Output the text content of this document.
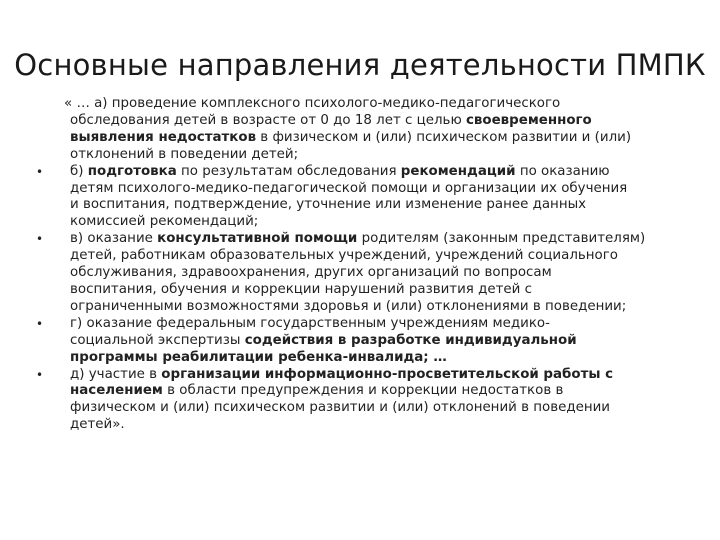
Основные направления деятельности ПМПК

« … а) проведение комплексного психолого-медико-педагогического
обследования детей в возрасте от 0 до 18 лет с целью своевременного
выявления недостатков в физическом и (или) психическом развитии и (или)
отклонений в поведении детей;

• б) подготовка по результатам обследования рекомендаций по оказанию
детям психолого-медико-педагогической помощи и организации их обучения
и воспитания, подтверждение, уточнение или изменение ранее данных
комиссией рекомендаций;
• в) оказание консультативной помощи родителям (законным представителям)
детей, работникам образовательных учреждений, учреждений социального
обслуживания, здравоохранения, других организаций по вопросам
воспитания, обучения и коррекции нарушений развития детей с
ограниченными возможностями здоровья и (или) отклонениями в поведении;
• г) оказание федеральным государственным учреждениям медико-
социальной экспертизы содействия в разработке индивидуальной
программы реабилитации ребенка-инвалида; …
• д) участие в организации информационно-просветительской работы с
населением в области предупреждения и коррекции недостатков в
физическом и (или) психическом развитии и (или) отклонений в поведении
детей».
